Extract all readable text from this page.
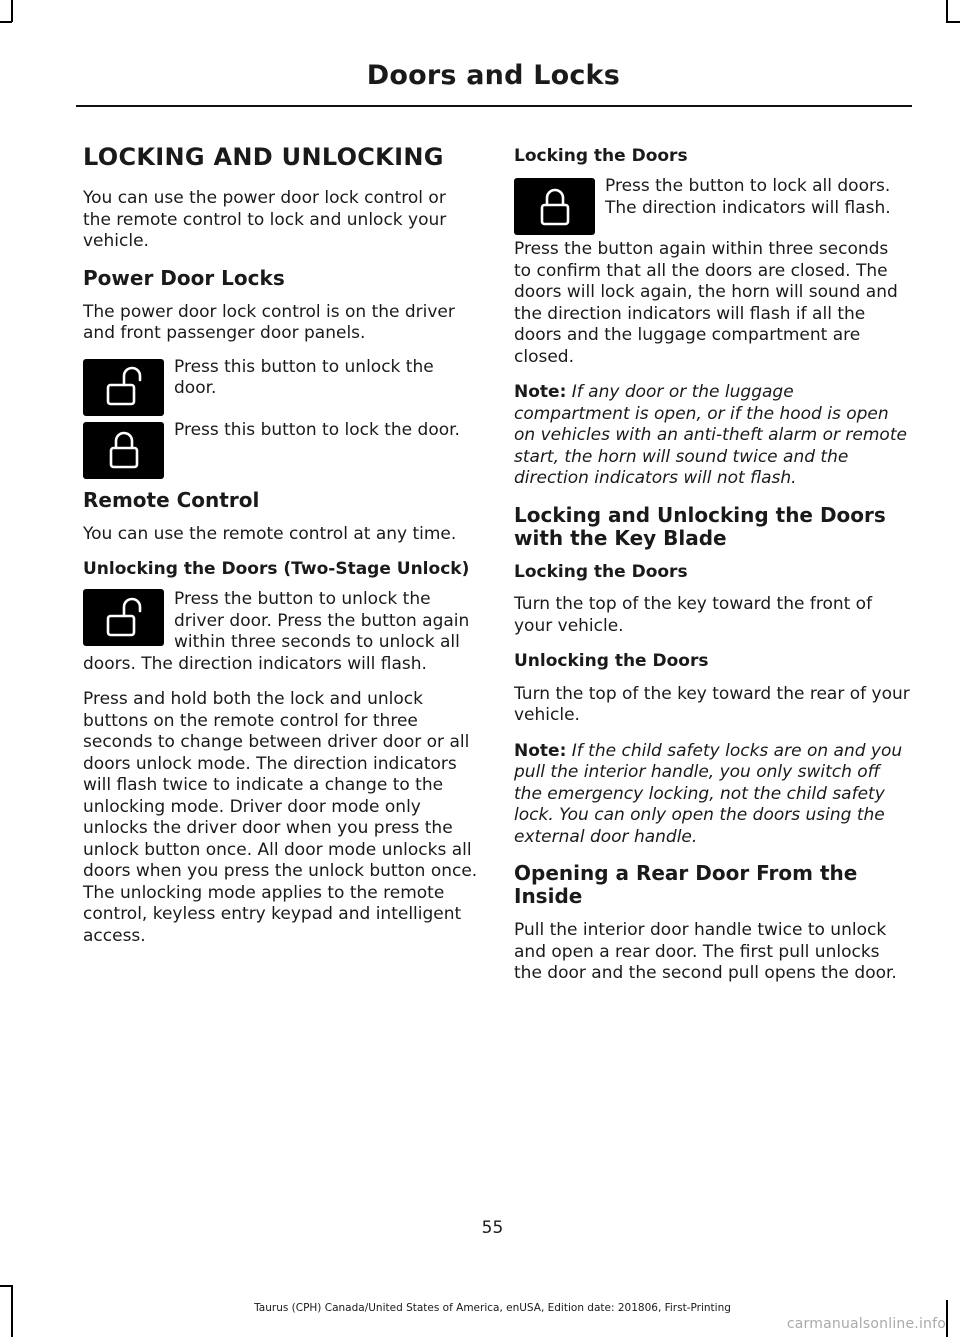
Doors and Locks
LOCKING AND UNLOCKING

You can use the power door lock control or the remote control to lock and unlock your vehicle.

Power Door Locks

The power door lock control is on the driver and front passenger door panels.

Press this button to unlock the door.

Press this button to lock the door.

Remote Control

You can use the remote control at any time.

Unlocking the Doors (Two-Stage Unlock)

Press the button to unlock the driver door. Press the button again within three seconds to unlock all doors. The direction indicators will flash.

Press and hold both the lock and unlock buttons on the remote control for three seconds to change between driver door or all doors unlock mode. The direction indicators will flash twice to indicate a change to the unlocking mode. Driver door mode only unlocks the driver door when you press the unlock button once. All door mode unlocks all doors when you press the unlock button once. The unlocking mode applies to the remote control, keyless entry keypad and intelligent access.

Locking the Doors

Press the button to lock all doors. The direction indicators will flash.

Press the button again within three seconds to confirm that all the doors are closed. The doors will lock again, the horn will sound and the direction indicators will flash if all the doors and the luggage compartment are closed.

Note: If any door or the luggage compartment is open, or if the hood is open on vehicles with an anti-theft alarm or remote start, the horn will sound twice and the direction indicators will not flash.

Locking and Unlocking the Doors with the Key Blade
Locking the Doors

Turn the top of the key toward the front of your vehicle.

Unlocking the Doors

Turn the top of the key toward the rear of your vehicle.

Note: If the child safety locks are on and you pull the interior handle, you only switch off the emergency locking, not the child safety lock. You can only open the doors using the external door handle.

Opening a Rear Door From the Inside

Pull the interior door handle twice to unlock and open a rear door. The first pull unlocks the door and the second pull opens the door.

55
Taurus (CPH) Canada/United States of America, enUSA, Edition date: 201806, First-Printing
carmanualsonline.info
